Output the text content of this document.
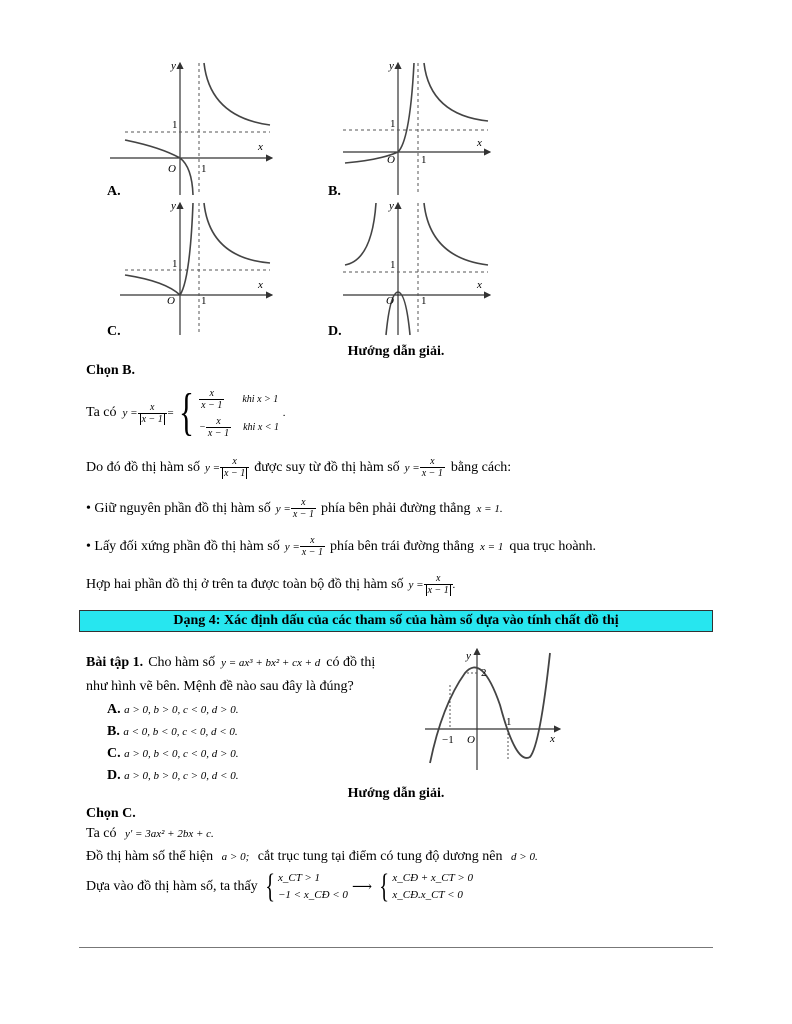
y
x
O 1
1
y
x
O 1
1
y
x
O 1
1
y
x
O 1
1
A.	B.
C.	D.
Hướng dẫn giải.
Chọn B.
Ta có $y = \frac{x}{x - 1}$ = { $\frac{x}{x - 1}$ khi x > 1
− $\frac{x}{x - 1}$ khi x < 1
.
Do đó đồ thị hàm số $y = \frac{x}{x - 1}$ được suy từ đồ thị hàm số $y = \frac{x}{x - 1}$ bằng cách:
• Giữ nguyên phần đồ thị hàm số $y = \frac{x}{x - 1}$ phía bên phải đường thẳng x = 1.
• Lấy đối xứng phần đồ thị hàm số $y = \frac{x}{x - 1}$ phía bên trái đường thẳng x = 1 qua trục hoành.
Hợp hai phần đồ thị ở trên ta được toàn bộ đồ thị hàm số $y = \frac{x}{x - 1}$ .
Dạng 4: Xác định dấu của các tham số của hàm số dựa vào tính chất đồ thị
Bài tập 1. Cho hàm số y = ax³ + bx² + cx + d có đồ thị
như hình vẽ bên. Mệnh đề nào sau đây là đúng?
A. a > 0, b > 0, c < 0, d > 0.
B. a < 0, b < 0, c < 0, d < 0.
C. a > 0, b < 0, c < 0, d > 0.
D. a > 0, b > 0, c > 0, d < 0.
y
x
O
2
−1
1
Hướng dẫn giải.
Chọn C.
Ta có y′ = 3ax² + 2bx + c.
Đồ thị hàm số thể hiện a > 0; cắt trục tung tại điểm có tung độ dương nên d > 0.
Dựa vào đồ thị hàm số, ta thấy { x_CT > 1
−1 < x_CĐ < 0
⟶ { x_CĐ + x_CT > 0
x_CĐ.x_CT < 0
